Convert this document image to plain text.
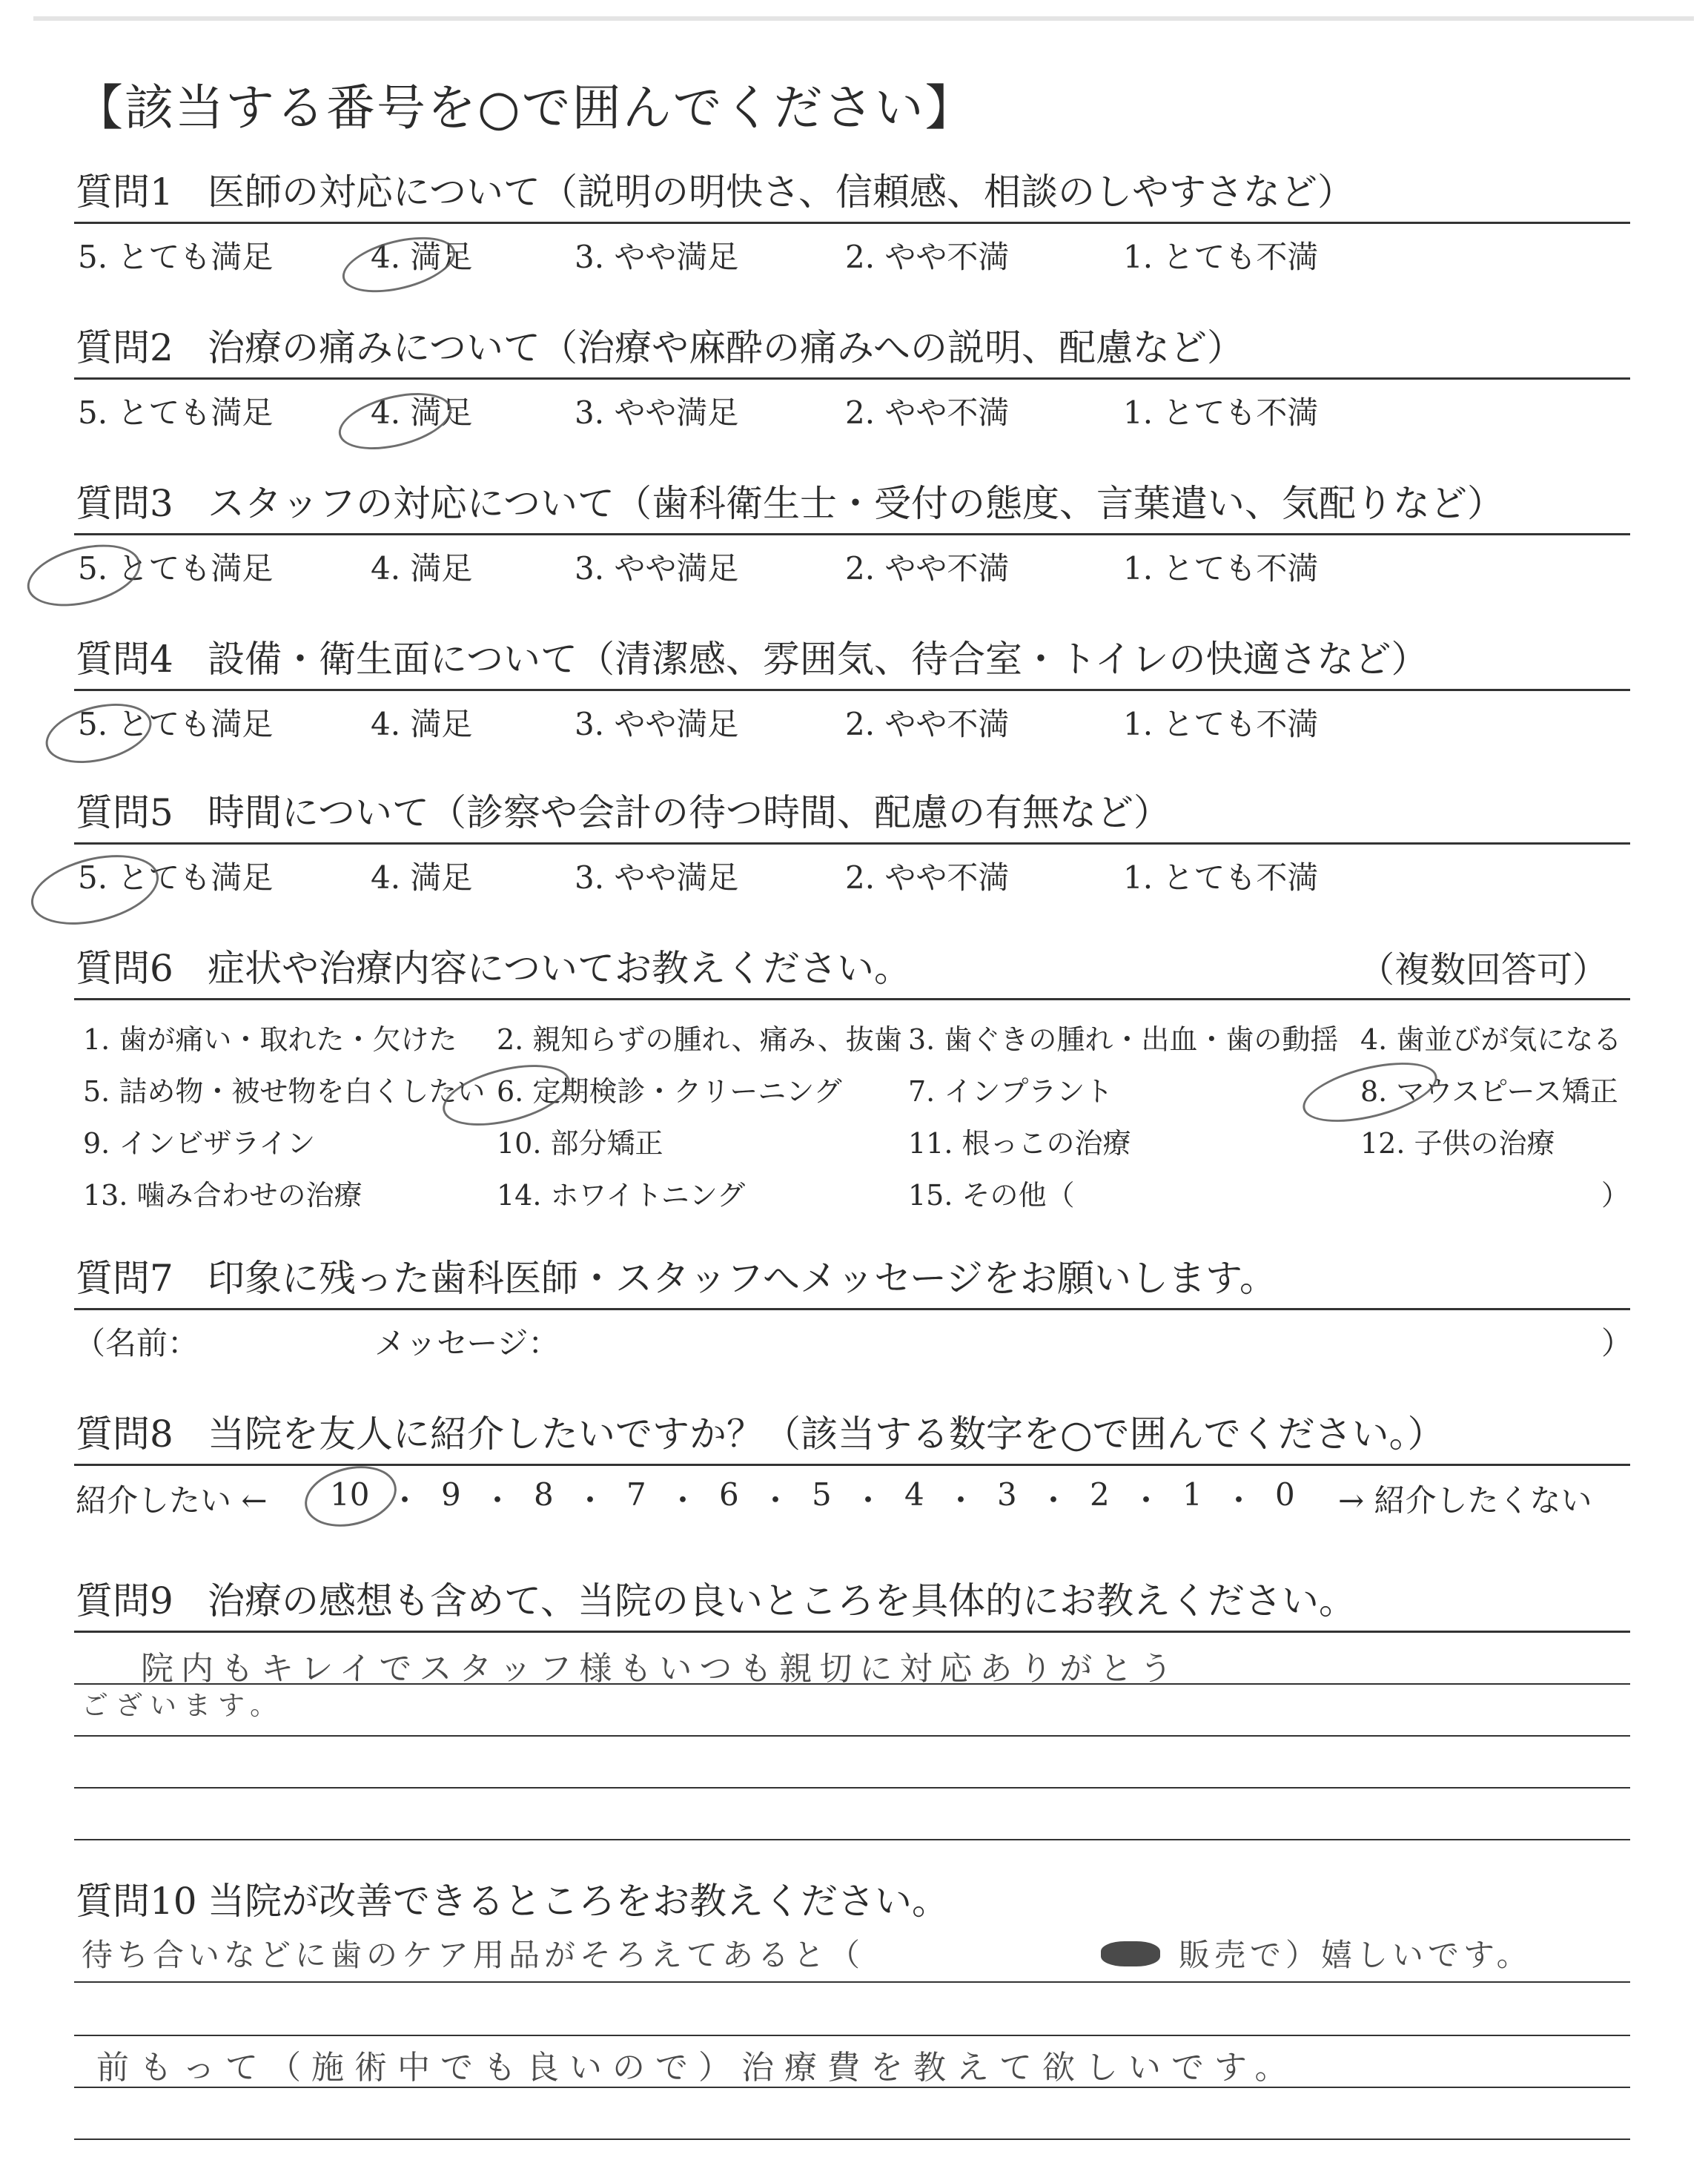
【該当する番号を○で囲んでください】
質問1 医師の対応について（説明の明快さ、信頼感、相談のしやすさなど）
5. とても満足	4. 満足	3. やや満足	2. やや不満	1. とても不満
質問2 治療の痛みについて（治療や麻酔の痛みへの説明、配慮など）
5. とても満足	4. 満足	3. やや満足	2. やや不満	1. とても不満
質問3 スタッフの対応について（歯科衛生士・受付の態度、言葉遣い、気配りなど）
5. とても満足	4. 満足	3. やや満足	2. やや不満	1. とても不満
質問4 設備・衛生面について（清潔感、雰囲気、待合室・トイレの快適さなど）
5. とても満足	4. 満足	3. やや満足	2. やや不満	1. とても不満
質問5 時間について（診察や会計の待つ時間、配慮の有無など）
5. とても満足	4. 満足	3. やや満足	2. やや不満	1. とても不満
質問6 症状や治療内容についてお教えください。	（複数回答可）
1. 歯が痛い・取れた・欠けた 2. 親知らずの腫れ、痛み、抜歯 3. 歯ぐきの腫れ・出血・歯の動揺 4. 歯並びが気になる
5. 詰め物・被せ物を白くしたい 6. 定期検診・クリーニング 7. インプラント	8. マウスピース矯正
9. インビザライン	10. 部分矯正	11. 根っこの治療	12. 子供の治療
13. 噛み合わせの治療	14. ホワイトニング	15. その他（	）
質問7 印象に残った歯科医師・スタッフへメッセージをお願いします。
（名前：	メッセージ：	）
質問8 当院を友人に紹介したいですか？（該当する数字を○で囲んでください。）
紹介したい ← 10 ・ 9 ・ 8 ・ 7 ・ 6 ・ 5 ・ 4 ・ 3 ・ 2 ・ 1 ・ 0 → 紹介したくない
質問9 治療の感想も含めて、当院の良いところを具体的にお教えください。
院内もキレイでスタッフ様もいつも親切に対応ありがとう
ございます。
質問10 当院が改善できるところをお教えください。
待ち合いなどに歯のケア用品がそろえてあると（	販売で）嬉しいです。
前もって（施術中でも良いので）治療費を教えて欲しいです。
